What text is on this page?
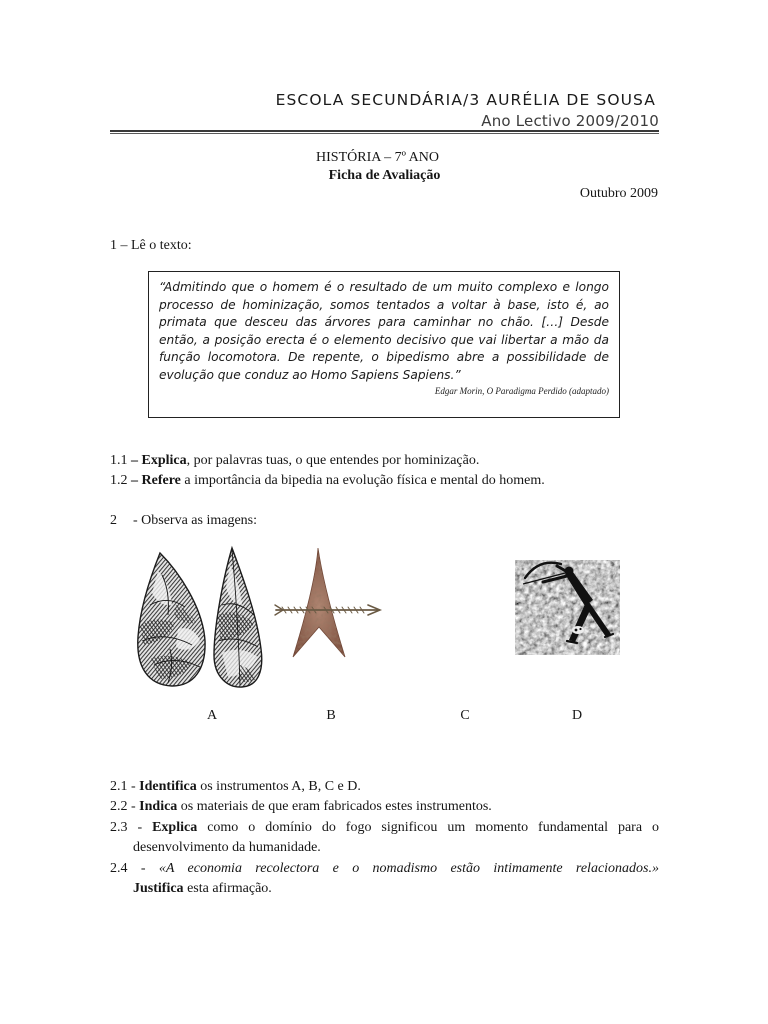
ESCOLA SECUNDÁRIA/3 AURÉLIA DE SOUSA
Ano Lectivo 2009/2010
HISTÓRIA – 7º ANO
Ficha de Avaliação
Outubro 2009
1 – Lê o texto:
“Admitindo que o homem é o resultado de um muito complexo e longo
processo de hominização, somos tentados a voltar à base, isto é, ao
primata que desceu das árvores para caminhar no chão. […] Desde
então, a posição erecta é o elemento decisivo que vai libertar a mão da
função locomotora. De repente, o bipedismo abre a possibilidade de
evolução que conduz ao Homo Sapiens Sapiens.”
Edgar Morin, O Paradigma Perdido (adaptado)
1.1 – Explica, por palavras tuas, o que entendes por hominização.
1.2 – Refere a importância da bipedia na evolução física e mental do homem.
2 - Observa as imagens:
A	B	C	D
2.1 - Identifica os instrumentos A, B, C e D.
2.2 - Indica os materiais de que eram fabricados estes instrumentos.
2.3 - Explica como o domínio do fogo significou um momento fundamental para o desenvolvimento da humanidade.
2.4 - «A economia recolectora e o nomadismo estão intimamente relacionados.»
Justifica esta afirmação.
